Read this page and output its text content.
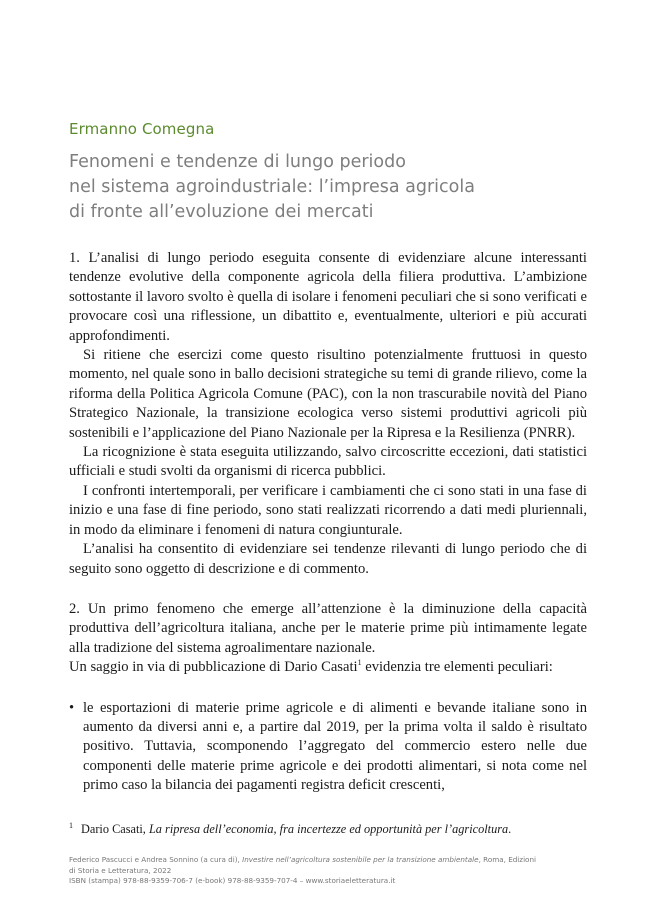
Ermanno Comegna
Fenomeni e tendenze di lungo periodo
nel sistema agroindustriale: l’impresa agricola
di fronte all’evoluzione dei mercati

1. L’analisi di lungo periodo eseguita consente di evidenziare alcune interessanti tendenze evolutive della componente agricola della filiera produttiva. L’ambizione sottostante il lavoro svolto è quella di isolare i fenomeni peculiari che si sono verificati e provocare così una riflessione, un dibattito e, eventualmente, ulteriori e più accurati approfondimenti.

Si ritiene che esercizi come questo risultino potenzialmente fruttuosi in questo momento, nel quale sono in ballo decisioni strategiche su temi di grande rilievo, come la riforma della Politica Agricola Comune (PAC), con la non trascurabile novità del Piano Strategico Nazionale, la transizione ecologica verso sistemi produttivi agricoli più sostenibili e l’applicazione del Piano Nazionale per la Ripresa e la Resilienza (PNRR).

La ricognizione è stata eseguita utilizzando, salvo circoscritte eccezioni, dati statistici ufficiali e studi svolti da organismi di ricerca pubblici.

I confronti intertemporali, per verificare i cambiamenti che ci sono stati in una fase di inizio e una fase di fine periodo, sono stati realizzati ricorrendo a dati medi pluriennali, in modo da eliminare i fenomeni di natura congiunturale.

L’analisi ha consentito di evidenziare sei tendenze rilevanti di lungo periodo che di seguito sono oggetto di descrizione e di commento.

2. Un primo fenomeno che emerge all’attenzione è la diminuzione della capacità produttiva dell’agricoltura italiana, anche per le materie prime più intimamente legate alla tradizione del sistema agroalimentare nazionale.

Un saggio in via di pubblicazione di Dario Casati$^1$ evidenzia tre elementi peculiari:

• le esportazioni di materie prime agricole e di alimenti e bevande italiane sono in aumento da diversi anni e, a partire dal 2019, per la prima volta il saldo è risultato positivo. Tuttavia, scomponendo l’aggregato del commercio estero nelle due componenti delle materie prime agricole e dei prodotti alimentari, si nota come nel primo caso la bilancia dei pagamenti registra deficit crescenti,
$^1$ Dario Casati, La ripresa dell’economia, fra incertezze ed opportunità per l’agricoltura.
Federico Pascucci e Andrea Sonnino (a cura di), Investire nell’agricoltura sostenibile per la transizione ambientale, Roma, Edizioni
di Storia e Letteratura, 2022
ISBN (stampa) 978-88-9359-706-7 (e-book) 978-88-9359-707-4 – www.storiaeletteratura.it
